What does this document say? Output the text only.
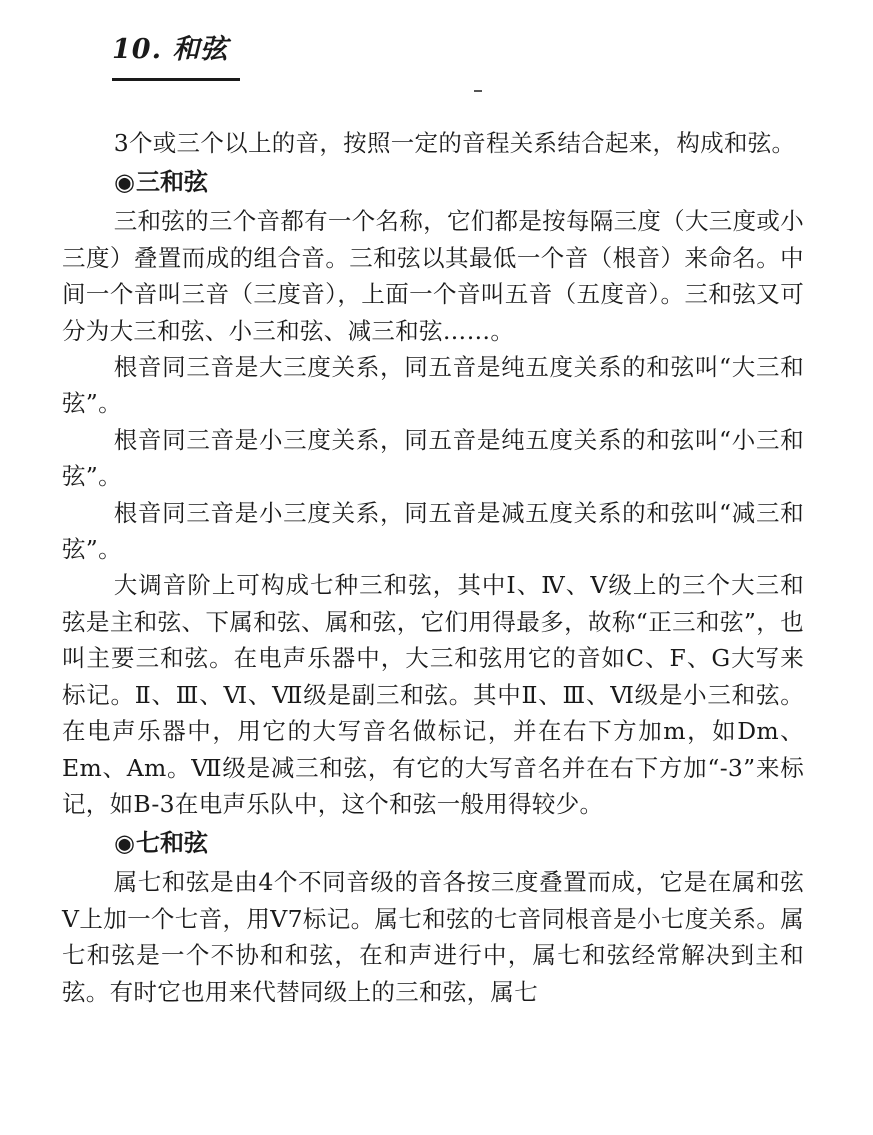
10. 和弦

3个或三个以上的音，按照一定的音程关系结合起来，构成和弦。

◉三和弦

三和弦的三个音都有一个名称，它们都是按每隔三度（大三度或小三度）叠置而成的组合音。三和弦以其最低一个音（根音）来命名。中间一个音叫三音（三度音），上面一个音叫五音（五度音）。三和弦又可分为大三和弦、小三和弦、减三和弦……。

根音同三音是大三度关系，同五音是纯五度关系的和弦叫“大三和弦”。

根音同三音是小三度关系，同五音是纯五度关系的和弦叫“小三和弦”。

根音同三音是小三度关系，同五音是减五度关系的和弦叫“减三和弦”。

大调音阶上可构成七种三和弦，其中Ⅰ、Ⅳ、Ⅴ级上的三个大三和弦是主和弦、下属和弦、属和弦，它们用得最多，故称“正三和弦”，也叫主要三和弦。在电声乐器中，大三和弦用它的音如C、F、G大写来标记。Ⅱ、Ⅲ、Ⅵ、Ⅶ级是副三和弦。其中Ⅱ、Ⅲ、Ⅵ级是小三和弦。在电声乐器中，用它的大写音名做标记，并在右下方加m，如Dm、Em、Am。Ⅶ级是减三和弦，有它的大写音名并在右下方加“-3”来标记，如B-3在电声乐队中，这个和弦一般用得较少。

◉七和弦

属七和弦是由4个不同音级的音各按三度叠置而成，它是在属和弦Ⅴ上加一个七音，用Ⅴ7标记。属七和弦的七音同根音是小七度关系。属七和弦是一个不协和和弦，在和声进行中，属七和弦经常解决到主和弦。有时它也用来代替同级上的三和弦，属七
